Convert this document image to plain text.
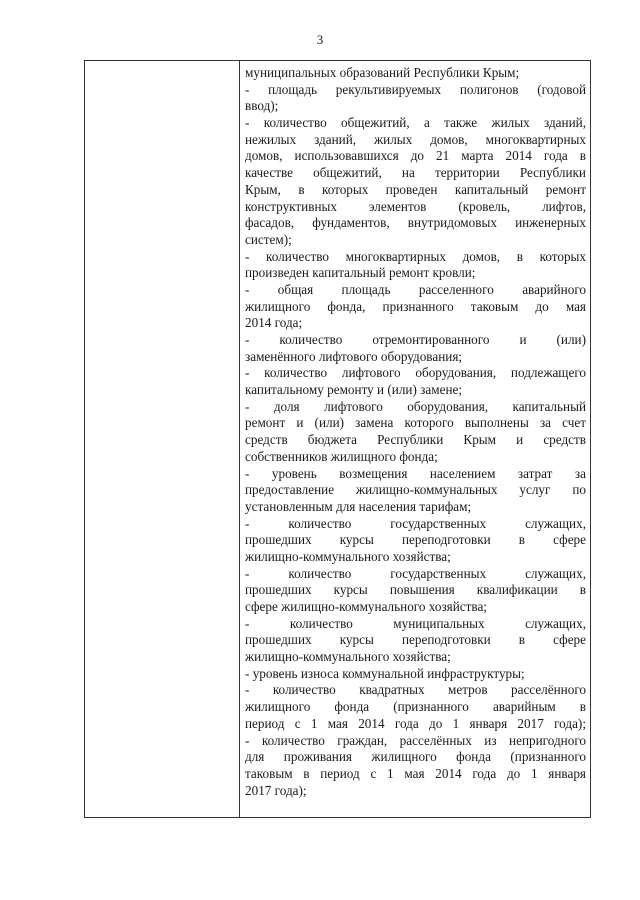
3
муниципальных образований Республики Крым;
- площадь рекультивируемых полигонов (годовой
ввод);
- количество общежитий, а также жилых зданий,
нежилых зданий, жилых домов, многоквартирных
домов, использовавшихся до 21 марта 2014 года в
качестве общежитий, на территории Республики
Крым, в которых проведен капитальный ремонт
конструктивных элементов (кровель, лифтов,
фасадов, фундаментов, внутридомовых инженерных
систем);
- количество многоквартирных домов, в которых
произведен капитальный ремонт кровли;
- общая площадь расселенного аварийного
жилищного фонда, признанного таковым до мая
2014 года;
- количество отремонтированного и (или)
заменённого лифтового оборудования;
- количество лифтового оборудования, подлежащего
капитальному ремонту и (или) замене;
- доля лифтового оборудования, капитальный
ремонт и (или) замена которого выполнены за счет
средств бюджета Республики Крым и средств
собственников жилищного фонда;
- уровень возмещения населением затрат за
предоставление жилищно-коммунальных услуг по
установленным для населения тарифам;
- количество государственных служащих,
прошедших курсы переподготовки в сфере
жилищно-коммунального хозяйства;
- количество государственных служащих,
прошедших курсы повышения квалификации в
сфере жилищно-коммунального хозяйства;
- количество муниципальных служащих,
прошедших курсы переподготовки в сфере
жилищно-коммунального хозяйства;
- уровень износа коммунальной инфраструктуры;
- количество квадратных метров расселённого
жилищного фонда (признанного аварийным в
период с 1 мая 2014 года до 1 января 2017 года);
- количество граждан, расселённых из непригодного
для проживания жилищного фонда (признанного
таковым в период с 1 мая 2014 года до 1 января
2017 года);
